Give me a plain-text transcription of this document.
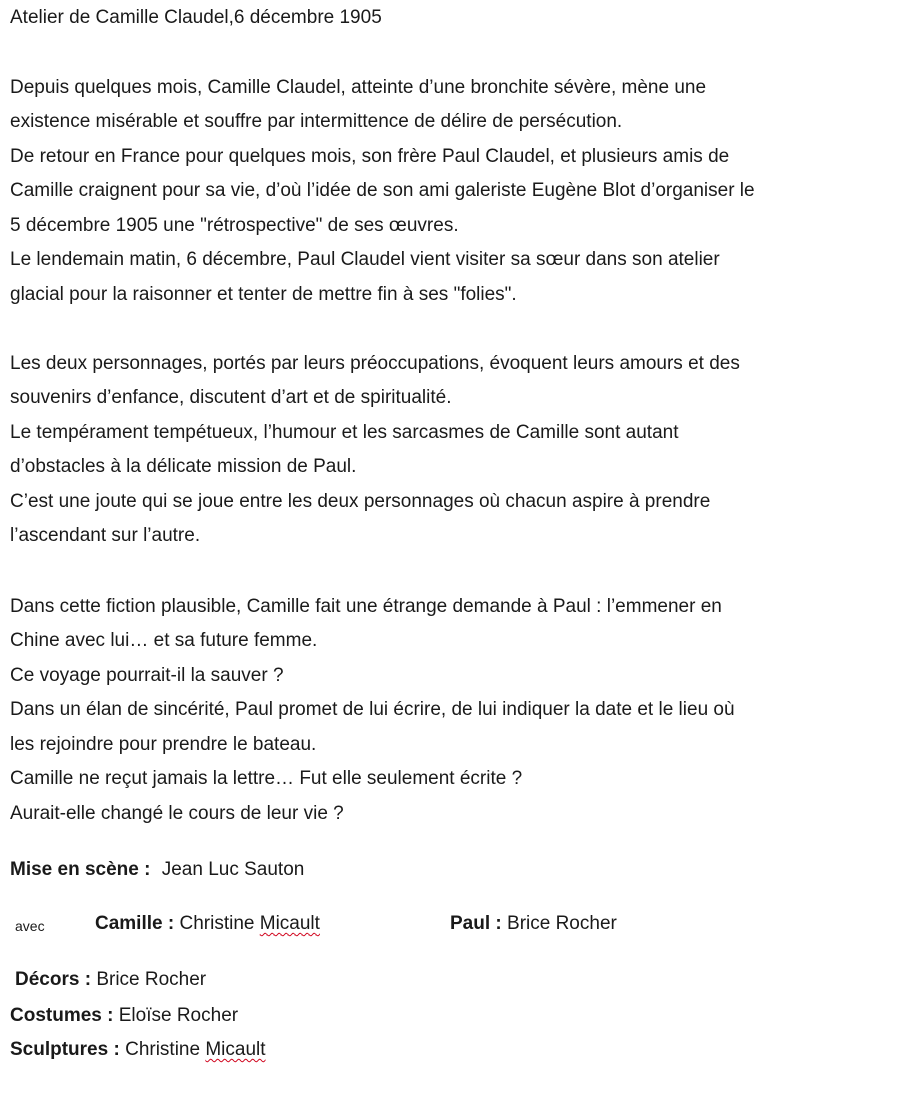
Atelier de Camille Claudel,6 décembre 1905
Depuis quelques mois, Camille Claudel, atteinte d’une bronchite sévère, mène une
existence misérable et souffre par intermittence de délire de persécution.
De retour en France pour quelques mois, son frère Paul Claudel, et plusieurs amis de
Camille craignent pour sa vie, d’où l’idée de son ami galeriste Eugène Blot d’organiser le
5 décembre 1905 une "rétrospective" de ses œuvres.
Le lendemain matin, 6 décembre, Paul Claudel vient visiter sa sœur dans son atelier
glacial pour la raisonner et tenter de mettre fin à ses "folies".
Les deux personnages, portés par leurs préoccupations, évoquent leurs amours et des
souvenirs d’enfance, discutent d’art et de spiritualité.
Le tempérament tempétueux, l’humour et les sarcasmes de Camille sont autant
d’obstacles à la délicate mission de Paul.
C’est une joute qui se joue entre les deux personnages où chacun aspire à prendre
l’ascendant sur l’autre.
Dans cette fiction plausible, Camille fait une étrange demande à Paul : l’emmener en
Chine avec lui… et sa future femme.
Ce voyage pourrait-il la sauver ?
Dans un élan de sincérité, Paul promet de lui écrire, de lui indiquer la date et le lieu où
les rejoindre pour prendre le bateau.
Camille ne reçut jamais la lettre… Fut elle seulement écrite ?
Aurait-elle changé le cours de leur vie ?
Mise en scène : Jean Luc Sauton
avec	Camille : Christine Micault	Paul : Brice Rocher
Décors : Brice Rocher
Costumes : Eloïse Rocher
Sculptures : Christine Micault
